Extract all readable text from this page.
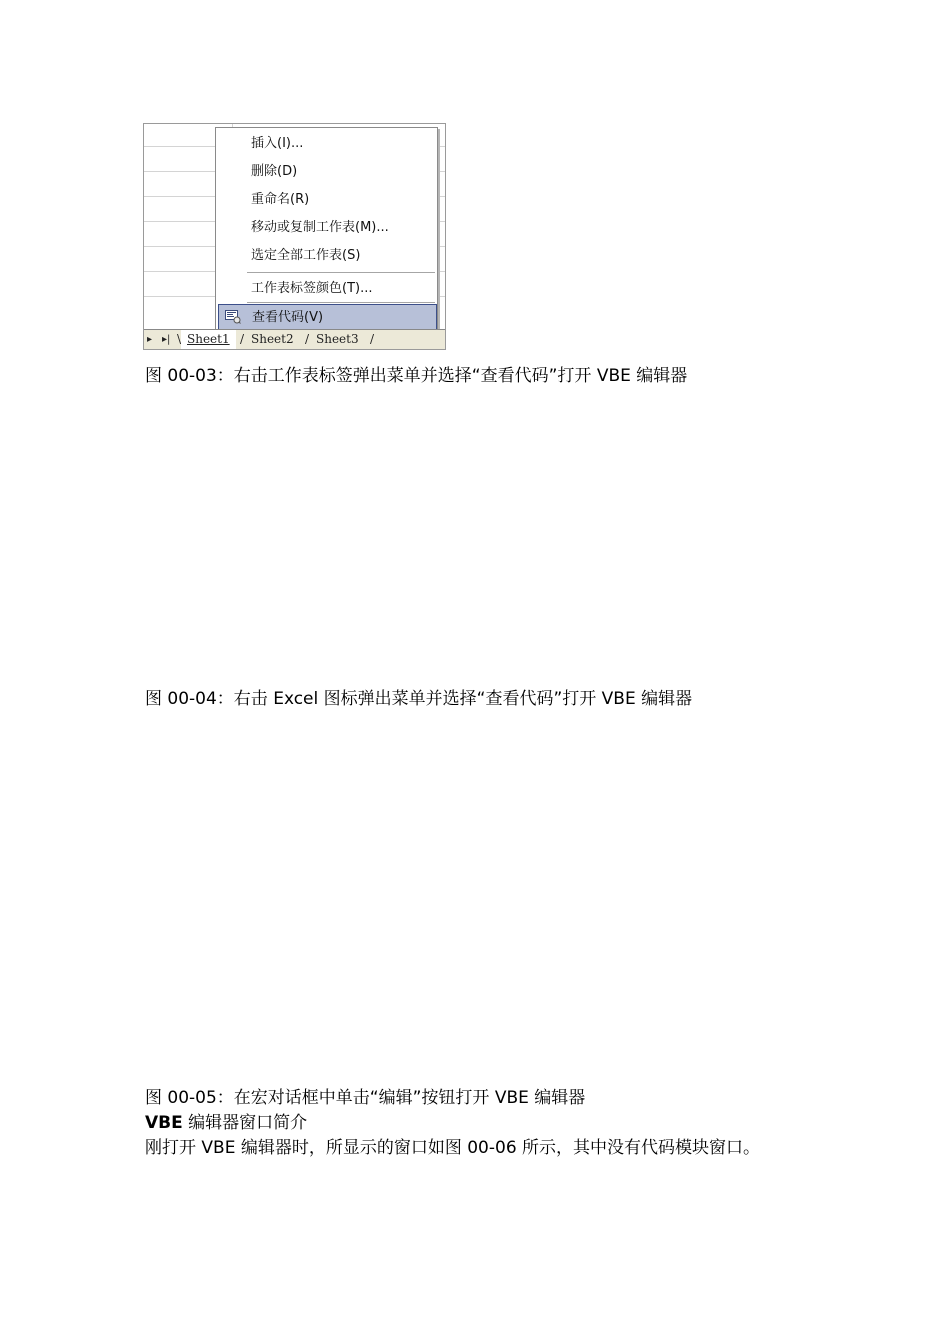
插入(I)...
删除(D)
重命名(R)
移动或复制工作表(M)...
选定全部工作表(S)
工作表标签颜色(T)...
查看代码(V)
▸ ▸| \ Sheet1 / Sheet2 / Sheet3 /
图 00-03：右击工作表标签弹出菜单并选择“查看代码”打开 VBE 编辑器
图 00-04：右击 Excel 图标弹出菜单并选择“查看代码”打开 VBE 编辑器
图 00-05：在宏对话框中单击“编辑”按钮打开 VBE 编辑器
VBE 编辑器窗口简介
刚打开 VBE 编辑器时，所显示的窗口如图 00-06 所示，其中没有代码模块窗口。
